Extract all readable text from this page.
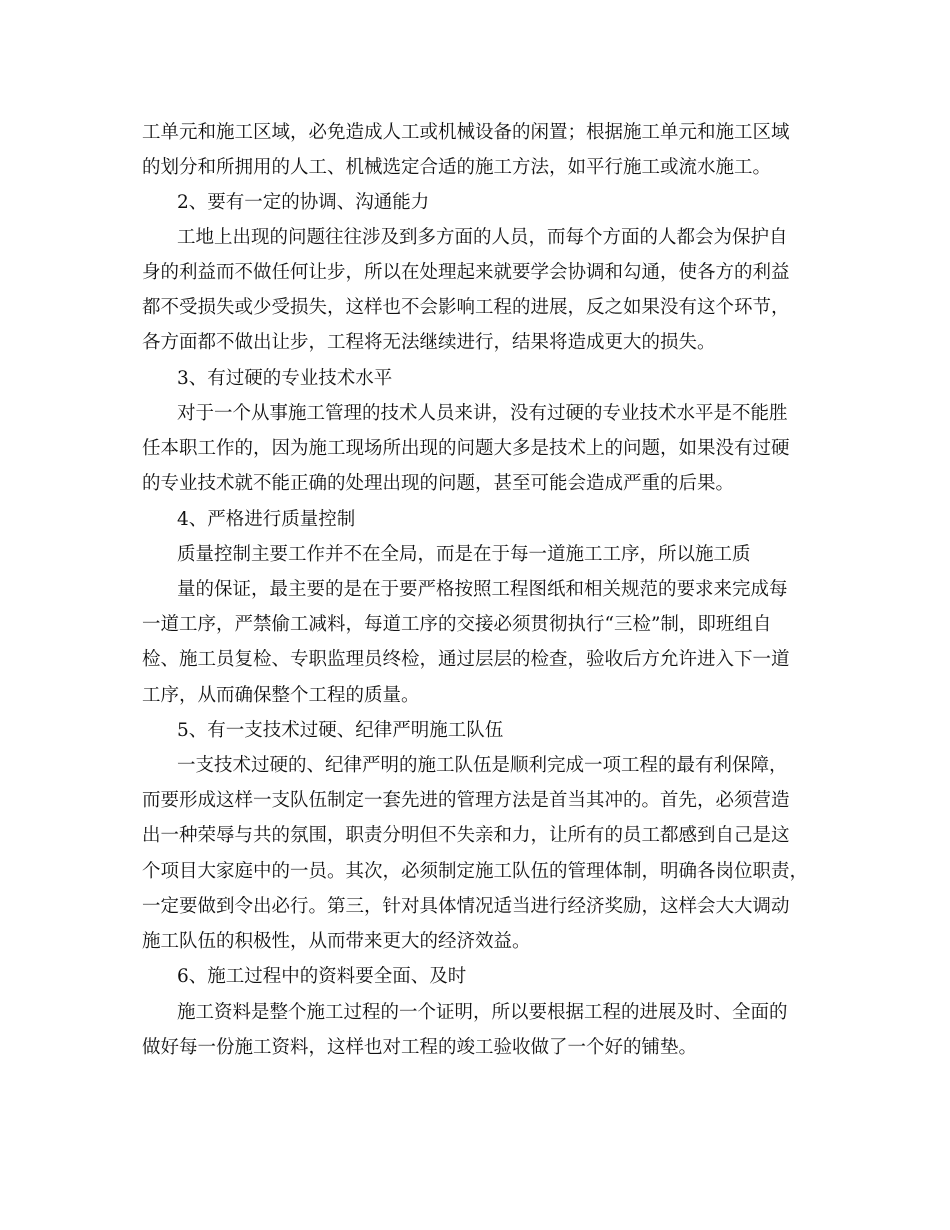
工单元和施工区域，必免造成人工或机械设备的闲置；根据施工单元和施工区域

的划分和所拥用的人工、机械选定合适的施工方法，如平行施工或流水施工。

2、要有一定的协调、沟通能力

工地上出现的问题往往涉及到多方面的人员，而每个方面的人都会为保护自

身的利益而不做任何让步，所以在处理起来就要学会协调和勾通，使各方的利益

都不受损失或少受损失，这样也不会影响工程的进展，反之如果没有这个环节，

各方面都不做出让步，工程将无法继续进行，结果将造成更大的损失。

3、有过硬的专业技术水平

对于一个从事施工管理的技术人员来讲，没有过硬的专业技术水平是不能胜

任本职工作的，因为施工现场所出现的问题大多是技术上的问题，如果没有过硬

的专业技术就不能正确的处理出现的问题，甚至可能会造成严重的后果。

4、严格进行质量控制

质量控制主要工作并不在全局，而是在于每一道施工工序，所以施工质

量的保证，最主要的是在于要严格按照工程图纸和相关规范的要求来完成每

一道工序，严禁偷工减料，每道工序的交接必须贯彻执行“三检”制，即班组自

检、施工员复检、专职监理员终检，通过层层的检查，验收后方允许进入下一道

工序，从而确保整个工程的质量。

5、有一支技术过硬、纪律严明施工队伍

一支技术过硬的、纪律严明的施工队伍是顺利完成一项工程的最有利保障，

而要形成这样一支队伍制定一套先进的管理方法是首当其冲的。首先，必须营造

出一种荣辱与共的氛围，职责分明但不失亲和力，让所有的员工都感到自己是这

个项目大家庭中的一员。其次，必须制定施工队伍的管理体制，明确各岗位职责，

一定要做到令出必行。第三，针对具体情况适当进行经济奖励，这样会大大调动

施工队伍的积极性，从而带来更大的经济效益。

6、施工过程中的资料要全面、及时

施工资料是整个施工过程的一个证明，所以要根据工程的进展及时、全面的

做好每一份施工资料，这样也对工程的竣工验收做了一个好的铺垫。
